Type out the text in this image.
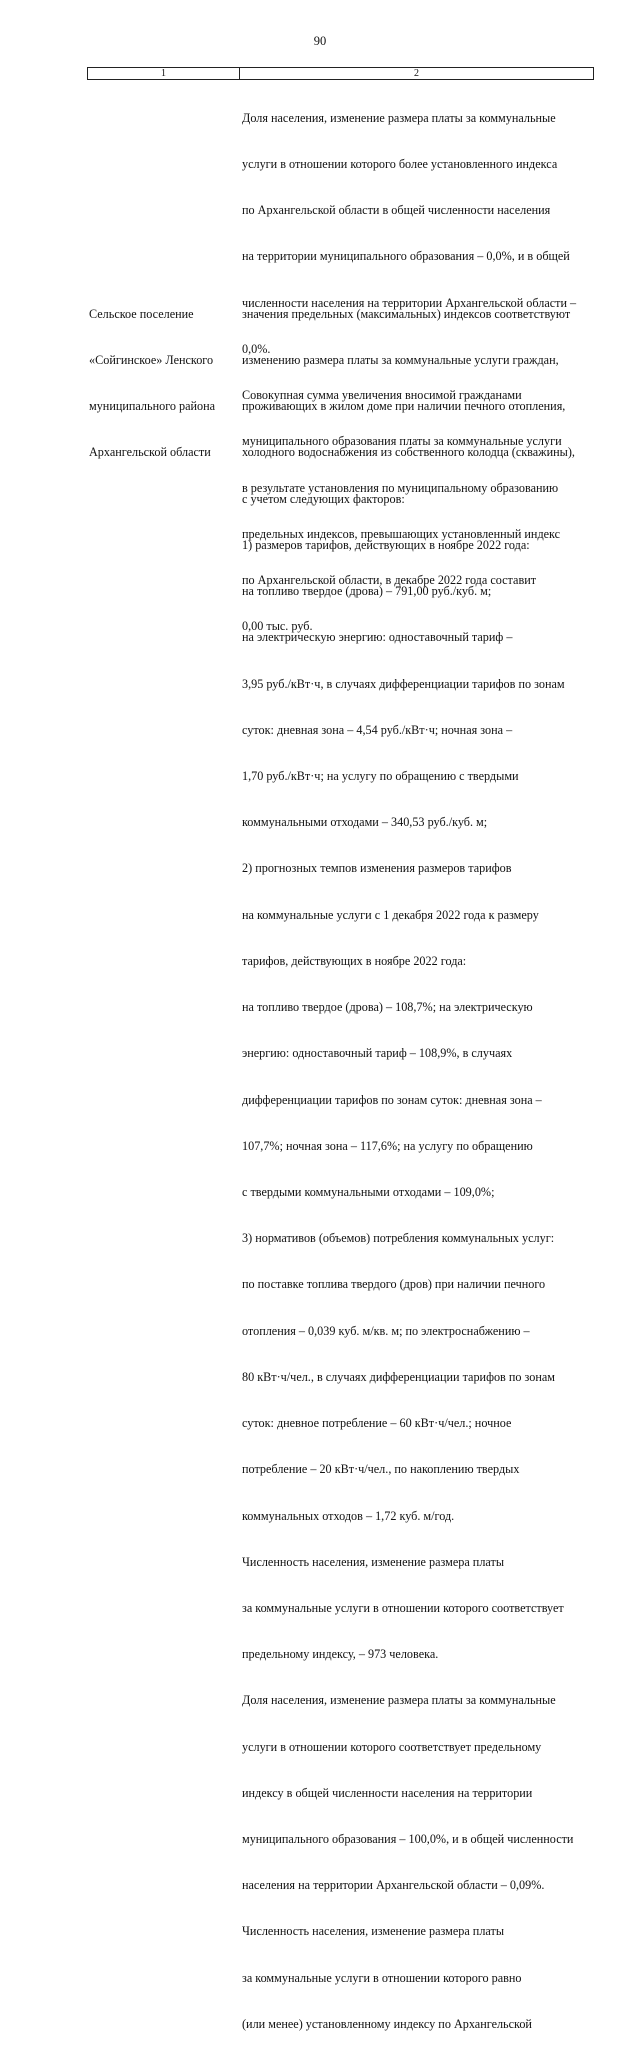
90
1	2

Доля населения, изменение размера платы за коммунальные

услуги в отношении которого более установленного индекса

по Архангельской области в общей численности населения

на территории муниципального образования – 0,0%, и в общей

численности населения на территории Архангельской области –

0,0%.

Совокупная сумма увеличения вносимой гражданами

муниципального образования платы за коммунальные услуги

в результате установления по муниципальному образованию

предельных индексов, превышающих установленный индекс

по Архангельской области, в декабре 2022 года составит

0,00 тыс. руб.

Сельское поселение

«Сойгинское» Ленского

муниципального района

Архангельской области

значения предельных (максимальных) индексов соответствуют

изменению размера платы за коммунальные услуги граждан,

проживающих в жилом доме при наличии печного отопления,

холодного водоснабжения из собственного колодца (скважины),

с учетом следующих факторов:

1) размеров тарифов, действующих в ноябре 2022 года:

на топливо твердое (дрова) – 791,00 руб./куб. м;

на электрическую энергию: одноставочный тариф –

3,95 руб./кВт·ч, в случаях дифференциации тарифов по зонам

суток: дневная зона – 4,54 руб./кВт·ч; ночная зона –

1,70 руб./кВт·ч; на услугу по обращению с твердыми

коммунальными отходами – 340,53 руб./куб. м;

2) прогнозных темпов изменения размеров тарифов

на коммунальные услуги с 1 декабря 2022 года к размеру

тарифов, действующих в ноябре 2022 года:

на топливо твердое (дрова) – 108,7%; на электрическую

энергию: одноставочный тариф – 108,9%, в случаях

дифференциации тарифов по зонам суток: дневная зона –

107,7%; ночная зона – 117,6%; на услугу по обращению

с твердыми коммунальными отходами – 109,0%;

3) нормативов (объемов) потребления коммунальных услуг:

по поставке топлива твердого (дров) при наличии печного

отопления – 0,039 куб. м/кв. м; по электроснабжению –

80 кВт·ч/чел., в случаях дифференциации тарифов по зонам

суток: дневное потребление – 60 кВт·ч/чел.; ночное

потребление – 20 кВт·ч/чел., по накоплению твердых

коммунальных отходов – 1,72 куб. м/год.

Численность населения, изменение размера платы

за коммунальные услуги в отношении которого соответствует

предельному индексу, – 973 человека.

Доля населения, изменение размера платы за коммунальные

услуги в отношении которого соответствует предельному

индексу в общей численности населения на территории

муниципального образования – 100,0%, и в общей численности

населения на территории Архангельской области – 0,09%.

Численность населения, изменение размера платы

за коммунальные услуги в отношении которого равно

(или менее) установленному индексу по Архангельской
